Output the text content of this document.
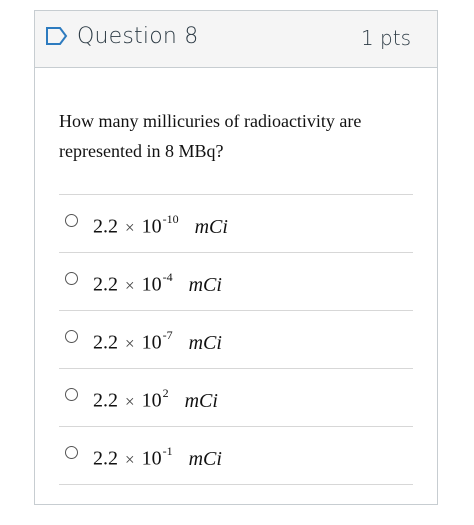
Question 8	1 pts
How many millicuries of radioactivity are represented in 8 MBq?
$2.2 \times 10^{-10}$ mCi
$2.2 \times 10^{-4}$ mCi
$2.2 \times 10^{-7}$ mCi
$2.2 \times 10^2$ mCi
$2.2 \times 10^{-1}$ mCi
